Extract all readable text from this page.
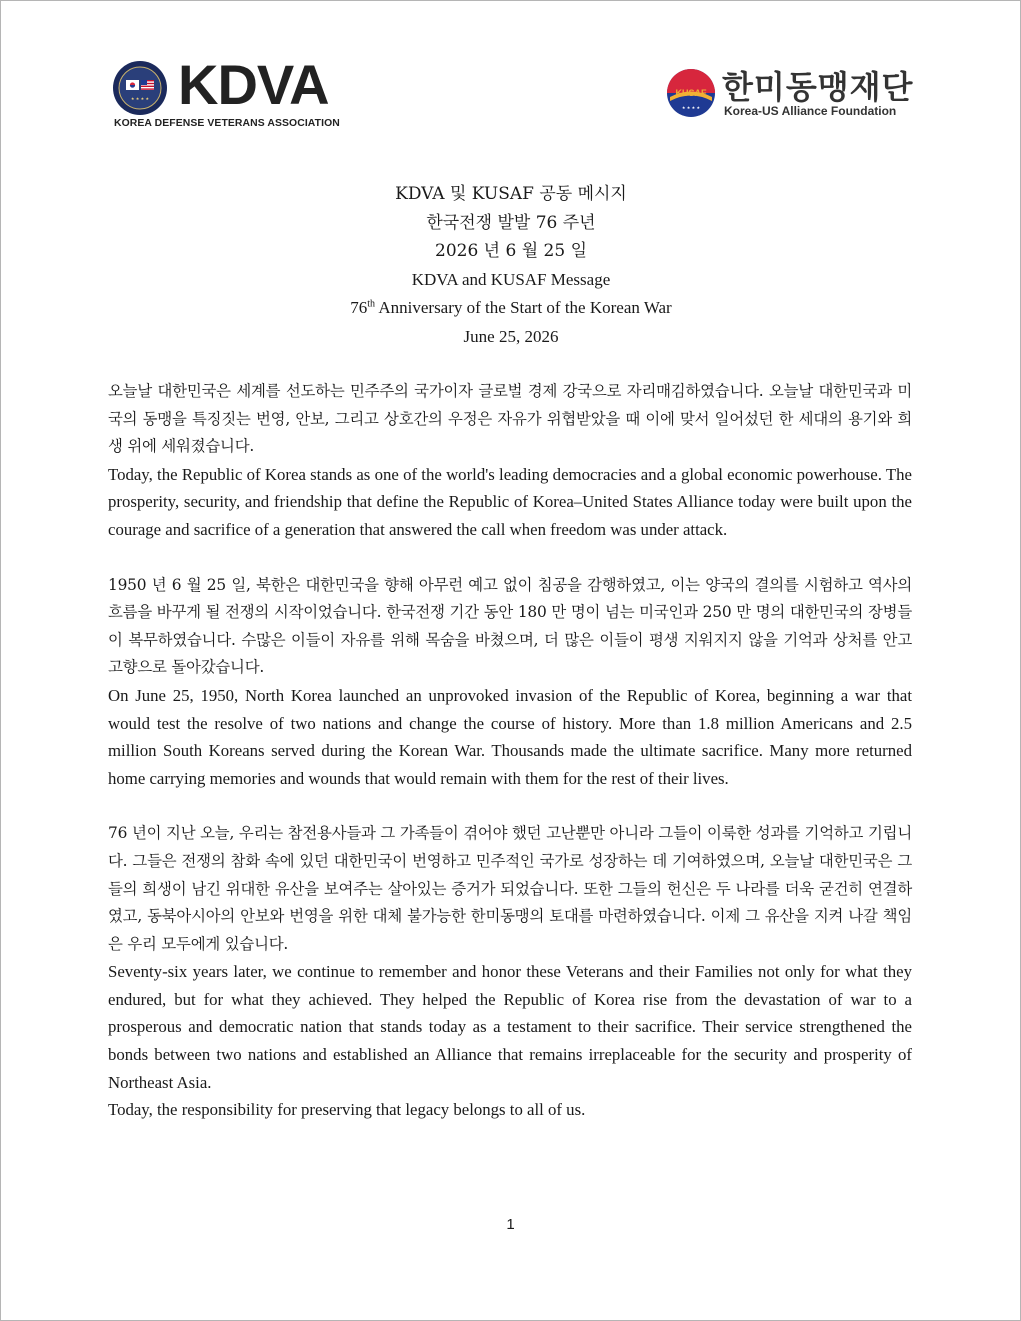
★ ★ ★ ★ KDVA
KOREA DEFENSE VETERANS ASSOCIATION
KUSAF
★ ★ ★ ★
한미동맹재단
Korea-US Alliance Foundation
KDVA 및 KUSAF 공동 메시지
한국전쟁 발발 76 주년
2026 년 6 월 25 일
KDVA and KUSAF Message
76th Anniversary of the Start of the Korean War
June 25, 2026

오늘날 대한민국은 세계를 선도하는 민주주의 국가이자 글로벌 경제 강국으로 자리매김하였습니다. 오늘날 대한민국과 미국의 동맹을 특징짓는 번영, 안보, 그리고 상호간의 우정은 자유가 위협받았을 때 이에 맞서 일어섰던 한 세대의 용기와 희생 위에 세워졌습니다.

Today, the Republic of Korea stands as one of the world's leading democracies and a global economic powerhouse. The prosperity, security, and friendship that define the Republic of Korea–United States Alliance today were built upon the courage and sacrifice of a generation that answered the call when freedom was under attack.

1950 년 6 월 25 일, 북한은 대한민국을 향해 아무런 예고 없이 침공을 감행하였고, 이는 양국의 결의를 시험하고 역사의 흐름을 바꾸게 될 전쟁의 시작이었습니다. 한국전쟁 기간 동안 180 만 명이 넘는 미국인과 250 만 명의 대한민국의 장병들이 복무하였습니다. 수많은 이들이 자유를 위해 목숨을 바쳤으며, 더 많은 이들이 평생 지워지지 않을 기억과 상처를 안고 고향으로 돌아갔습니다.

On June 25, 1950, North Korea launched an unprovoked invasion of the Republic of Korea, beginning a war that would test the resolve of two nations and change the course of history. More than 1.8 million Americans and 2.5 million South Koreans served during the Korean War. Thousands made the ultimate sacrifice. Many more returned home carrying memories and wounds that would remain with them for the rest of their lives.

76 년이 지난 오늘, 우리는 참전용사들과 그 가족들이 겪어야 했던 고난뿐만 아니라 그들이 이룩한 성과를 기억하고 기립니다. 그들은 전쟁의 참화 속에 있던 대한민국이 번영하고 민주적인 국가로 성장하는 데 기여하였으며, 오늘날 대한민국은 그들의 희생이 남긴 위대한 유산을 보여주는 살아있는 증거가 되었습니다. 또한 그들의 헌신은 두 나라를 더욱 굳건히 연결하였고, 동북아시아의 안보와 번영을 위한 대체 불가능한 한미동맹의 토대를 마련하였습니다. 이제 그 유산을 지켜 나갈 책임은 우리 모두에게 있습니다.

Seventy-six years later, we continue to remember and honor these Veterans and their Families not only for what they endured, but for what they achieved. They helped the Republic of Korea rise from the devastation of war to a prosperous and democratic nation that stands today as a testament to their sacrifice. Their service strengthened the bonds between two nations and established an Alliance that remains irreplaceable for the security and prosperity of Northeast Asia.

Today, the responsibility for preserving that legacy belongs to all of us.

1
